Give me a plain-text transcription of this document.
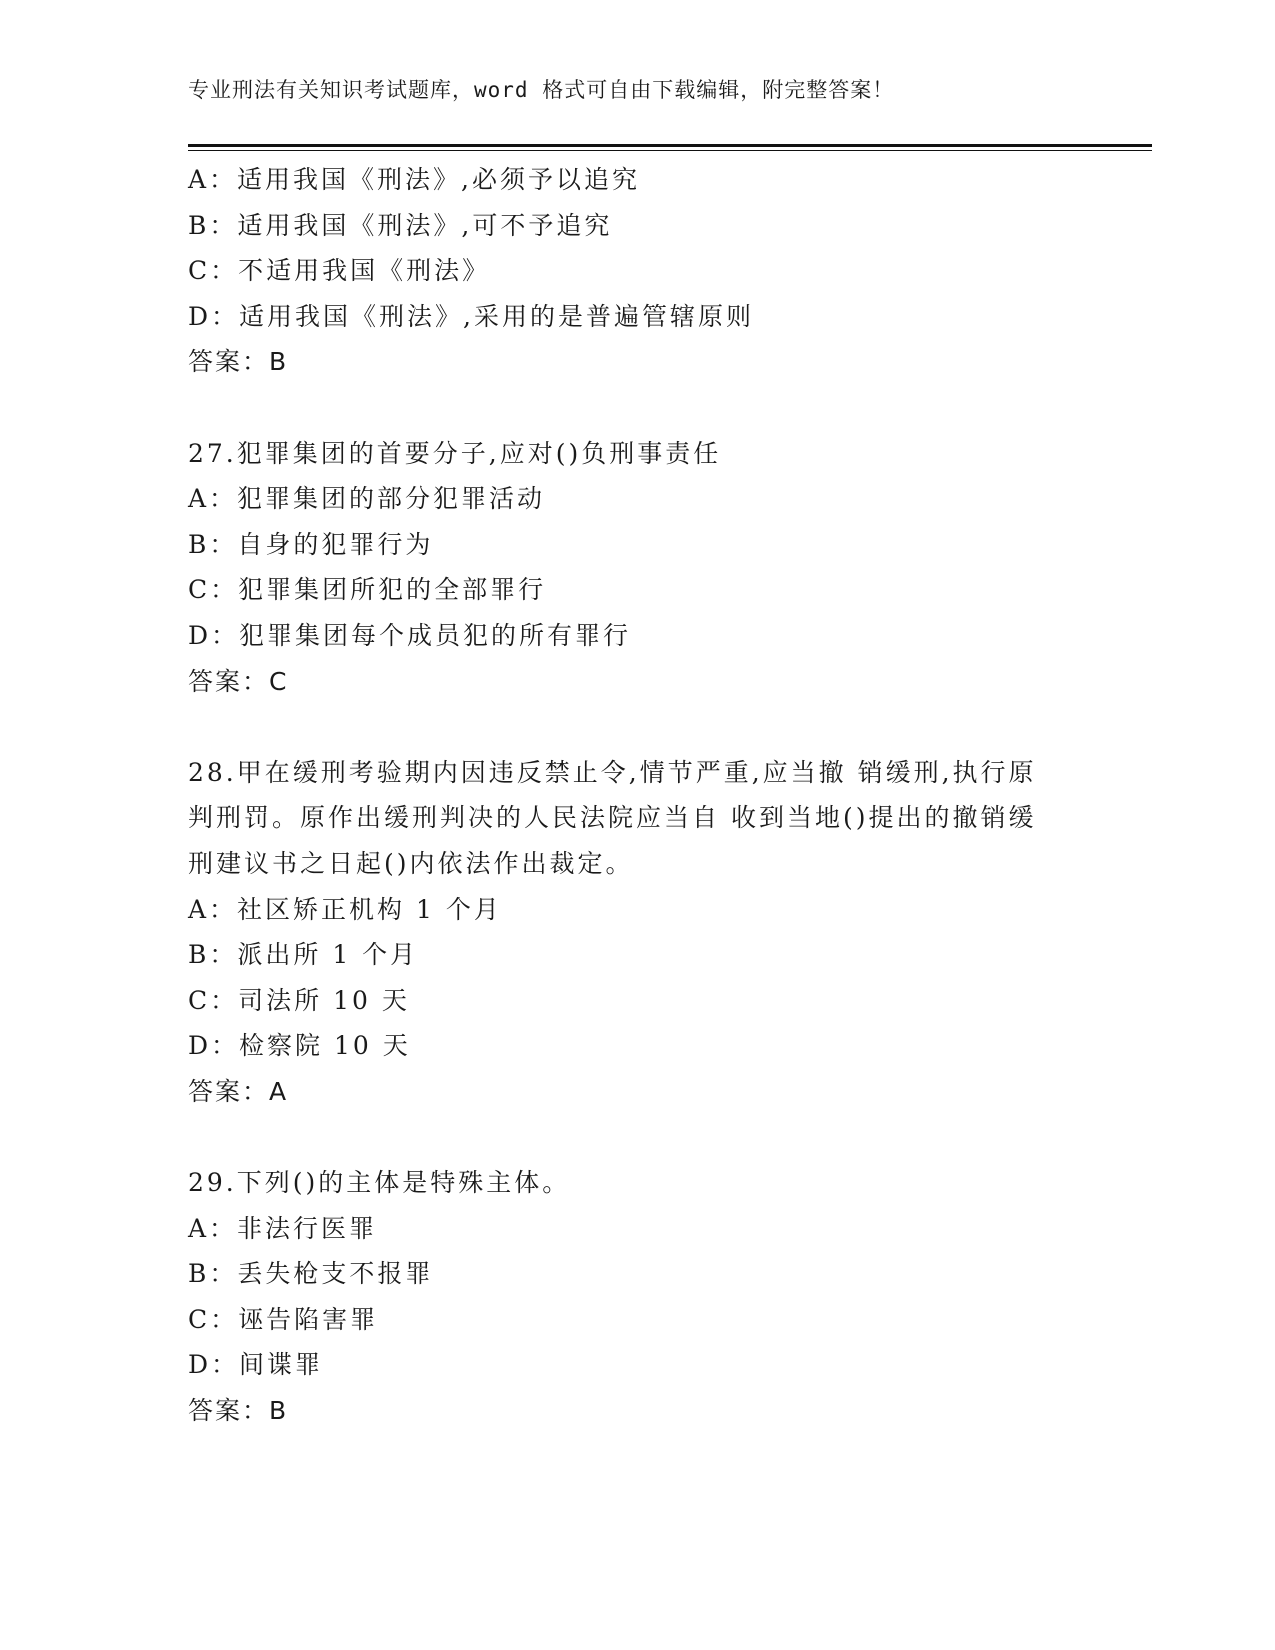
专业刑法有关知识考试题库，word 格式可自由下载编辑，附完整答案！
A：适用我国《刑法》,必须予以追究
B：适用我国《刑法》,可不予追究
C：不适用我国《刑法》
D：适用我国《刑法》,采用的是普遍管辖原则
答案：B
27.犯罪集团的首要分子,应对()负刑事责任
A：犯罪集团的部分犯罪活动
B：自身的犯罪行为
C：犯罪集团所犯的全部罪行
D：犯罪集团每个成员犯的所有罪行
答案：C
28.甲在缓刑考验期内因违反禁止令,情节严重,应当撤 销缓刑,执行原
判刑罚。原作出缓刑判决的人民法院应当自 收到当地()提出的撤销缓
刑建议书之日起()内依法作出裁定。
A：社区矫正机构 1 个月
B：派出所 1 个月
C：司法所 10 天
D：检察院 10 天
答案：A
29.下列()的主体是特殊主体。
A：非法行医罪
B：丢失枪支不报罪
C：诬告陷害罪
D：间谍罪
答案：B
